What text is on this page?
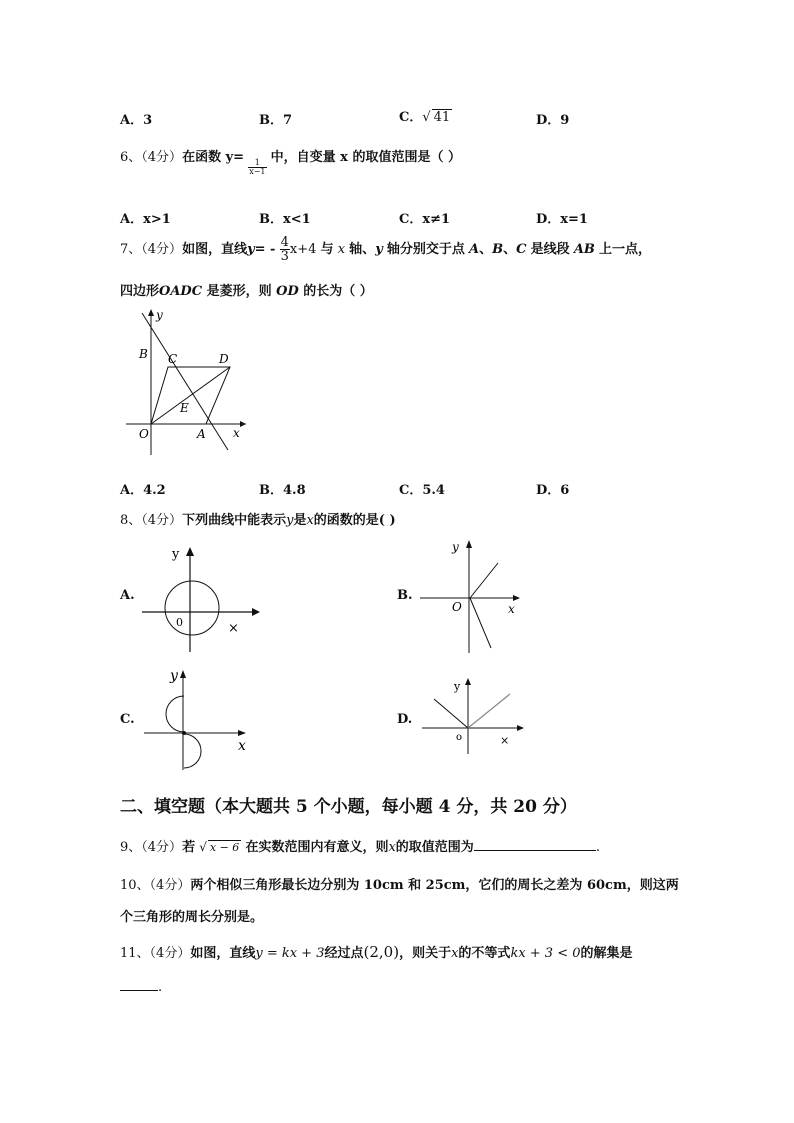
A．3	B．7	C．√ 41	D．9
6、（4分）在函数 y=
$\frac{1}{x-1}$
中，自变量 x 的取值范围是（ ）
A．x>1	B．x<1	C．x≠1	D．x=1
7、（4分）如图，直线$y= - \frac{4}{3} x+4$ 与 x 轴、y 轴分别交于点 A、B、C 是线段 AB 上一点，
四边形OADC 是菱形，则 OD 的长为（ ）
y
B C	D
E
O	A x
A．4.2	B．4.8	C．5.4	D．6
8、（4分）下列曲线中能表示y是x的函数的是( )
A.
y
0	×
B.
y
O	x
C.
y
x
D.
y
o	×
二、填空题（本大题共 5 个小题，每小题 4 分，共 20 分）
9、（4分）若 √ x − 6 在实数范围内有意义，则x的取值范围为	.
10、（4分）两个相似三角形最长边分别为 10cm 和 25cm，它们的周长之差为 60cm，则这两
个三角形的周长分别是。
11、（4分）如图，直线y = kx + 3经过点(2,0)，则关于x的不等式kx + 3 < 0的解集是
.
